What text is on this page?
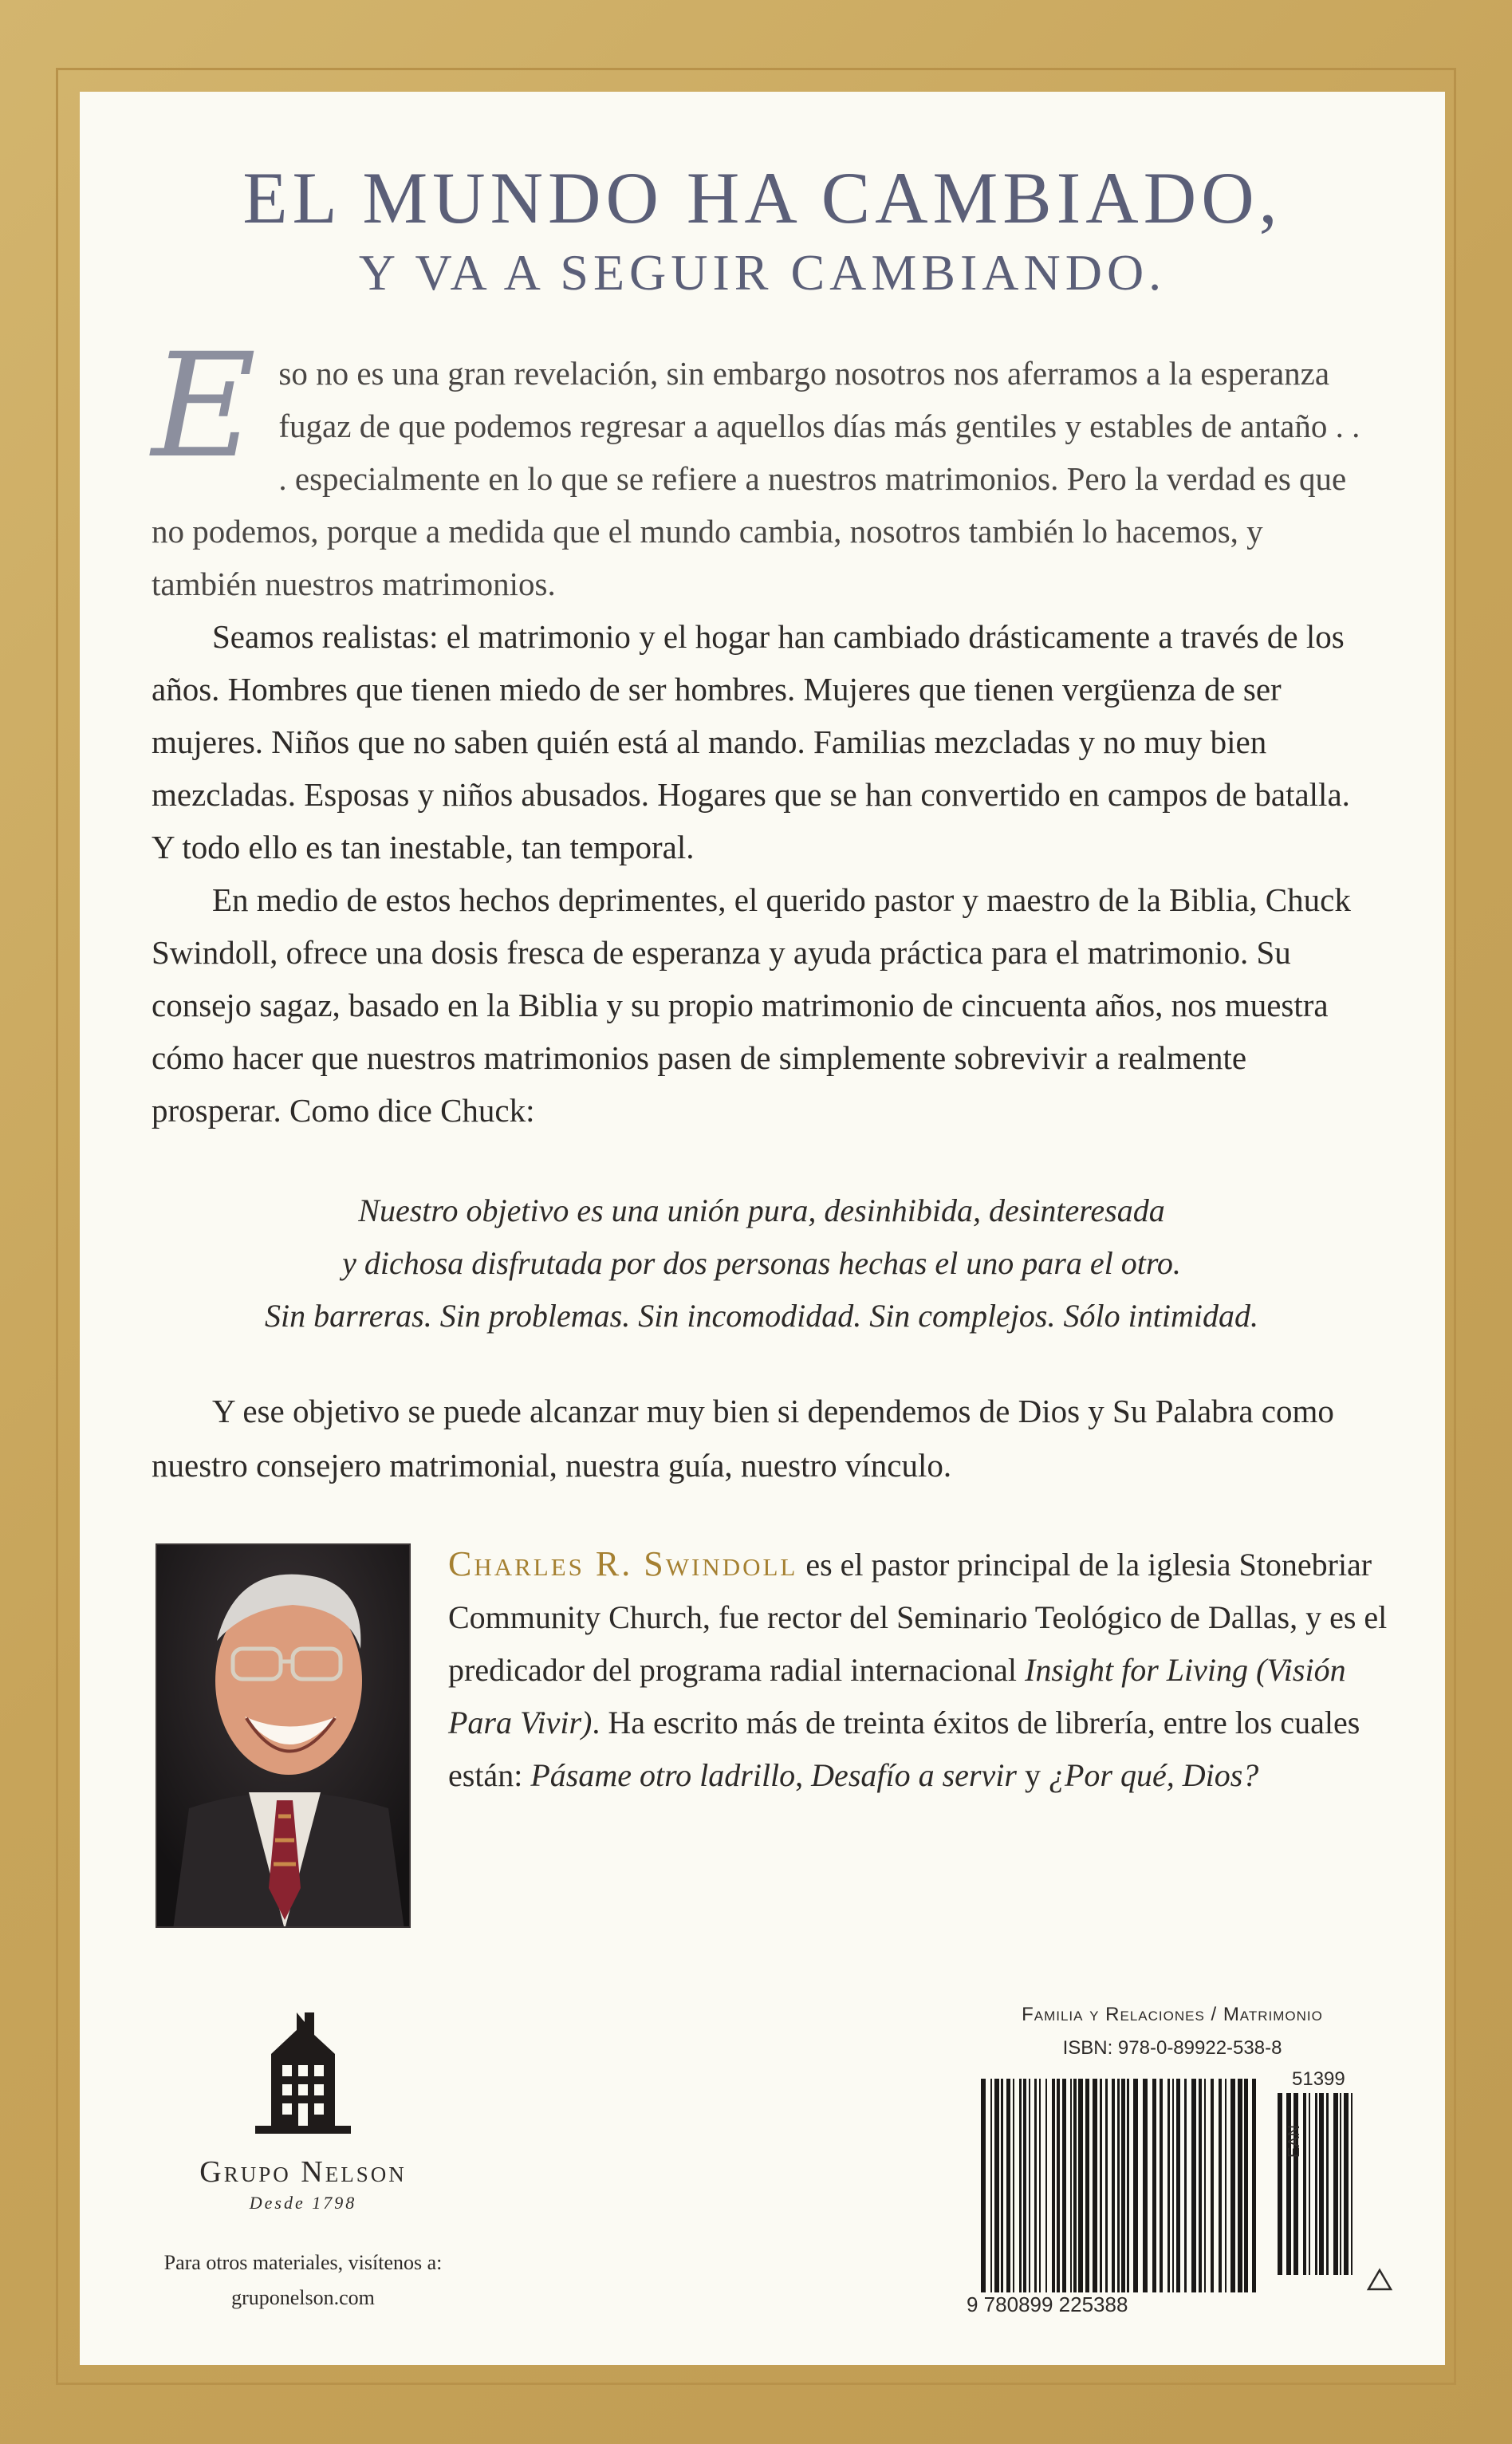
EL MUNDO HA CAMBIADO,
Y VA A SEGUIR CAMBIANDO.
E so no es una gran revelación, sin embargo nosotros nos aferramos a la esperanza fugaz de que podemos regresar a aquellos días más gentiles y estables de antaño . . . especialmente en lo que se refiere a nuestros matrimonios. Pero la verdad es que no podemos, porque a medida que el mundo cambia, nosotros también lo hacemos, y también nuestros matrimonios.

Seamos realistas: el matrimonio y el hogar han cambiado drásticamente a través de los años. Hombres que tienen miedo de ser hombres. Mujeres que tienen vergüenza de ser mujeres. Niños que no saben quién está al mando. Familias mezcladas y no muy bien mezcladas. Esposas y niños abusados. Hogares que se han convertido en campos de batalla. Y todo ello es tan inestable, tan temporal.

En medio de estos hechos deprimentes, el querido pastor y maestro de la Biblia, Chuck Swindoll, ofrece una dosis fresca de esperanza y ayuda práctica para el matrimonio. Su consejo sagaz, basado en la Biblia y su propio matrimonio de cincuenta años, nos muestra cómo hacer que nuestros matrimonios pasen de simplemente sobrevivir a realmente prosperar. Como dice Chuck:

Nuestro objetivo es una unión pura, desinhibida, desinteresada
y dichosa disfrutada por dos personas hechas el uno para el otro.
Sin barreras. Sin problemas. Sin incomodidad. Sin complejos. Sólo intimidad.
Y ese objetivo se puede alcanzar muy bien si dependemos de Dios y Su Palabra como nuestro consejero matrimonial, nuestra guía, nuestro vínculo.
Charles R. Swindoll es el pastor principal de la iglesia Stonebriar Community Church, fue rector del Seminario Teológico de Dallas, y es el predicador del programa radial internacional Insight for Living (Visión Para Vivir). Ha escrito más de treinta éxitos de librería, entre los cuales están: Pásame otro ladrillo, Desafío a servir y ¿Por qué, Dios?
Grupo Nelson
Desde 1798
Para otros materiales, visítenos a:
gruponelson.com
Familia y Relaciones / Matrimonio
ISBN: 978-0-89922-538-8
51399
9 780899 225388
EAN
